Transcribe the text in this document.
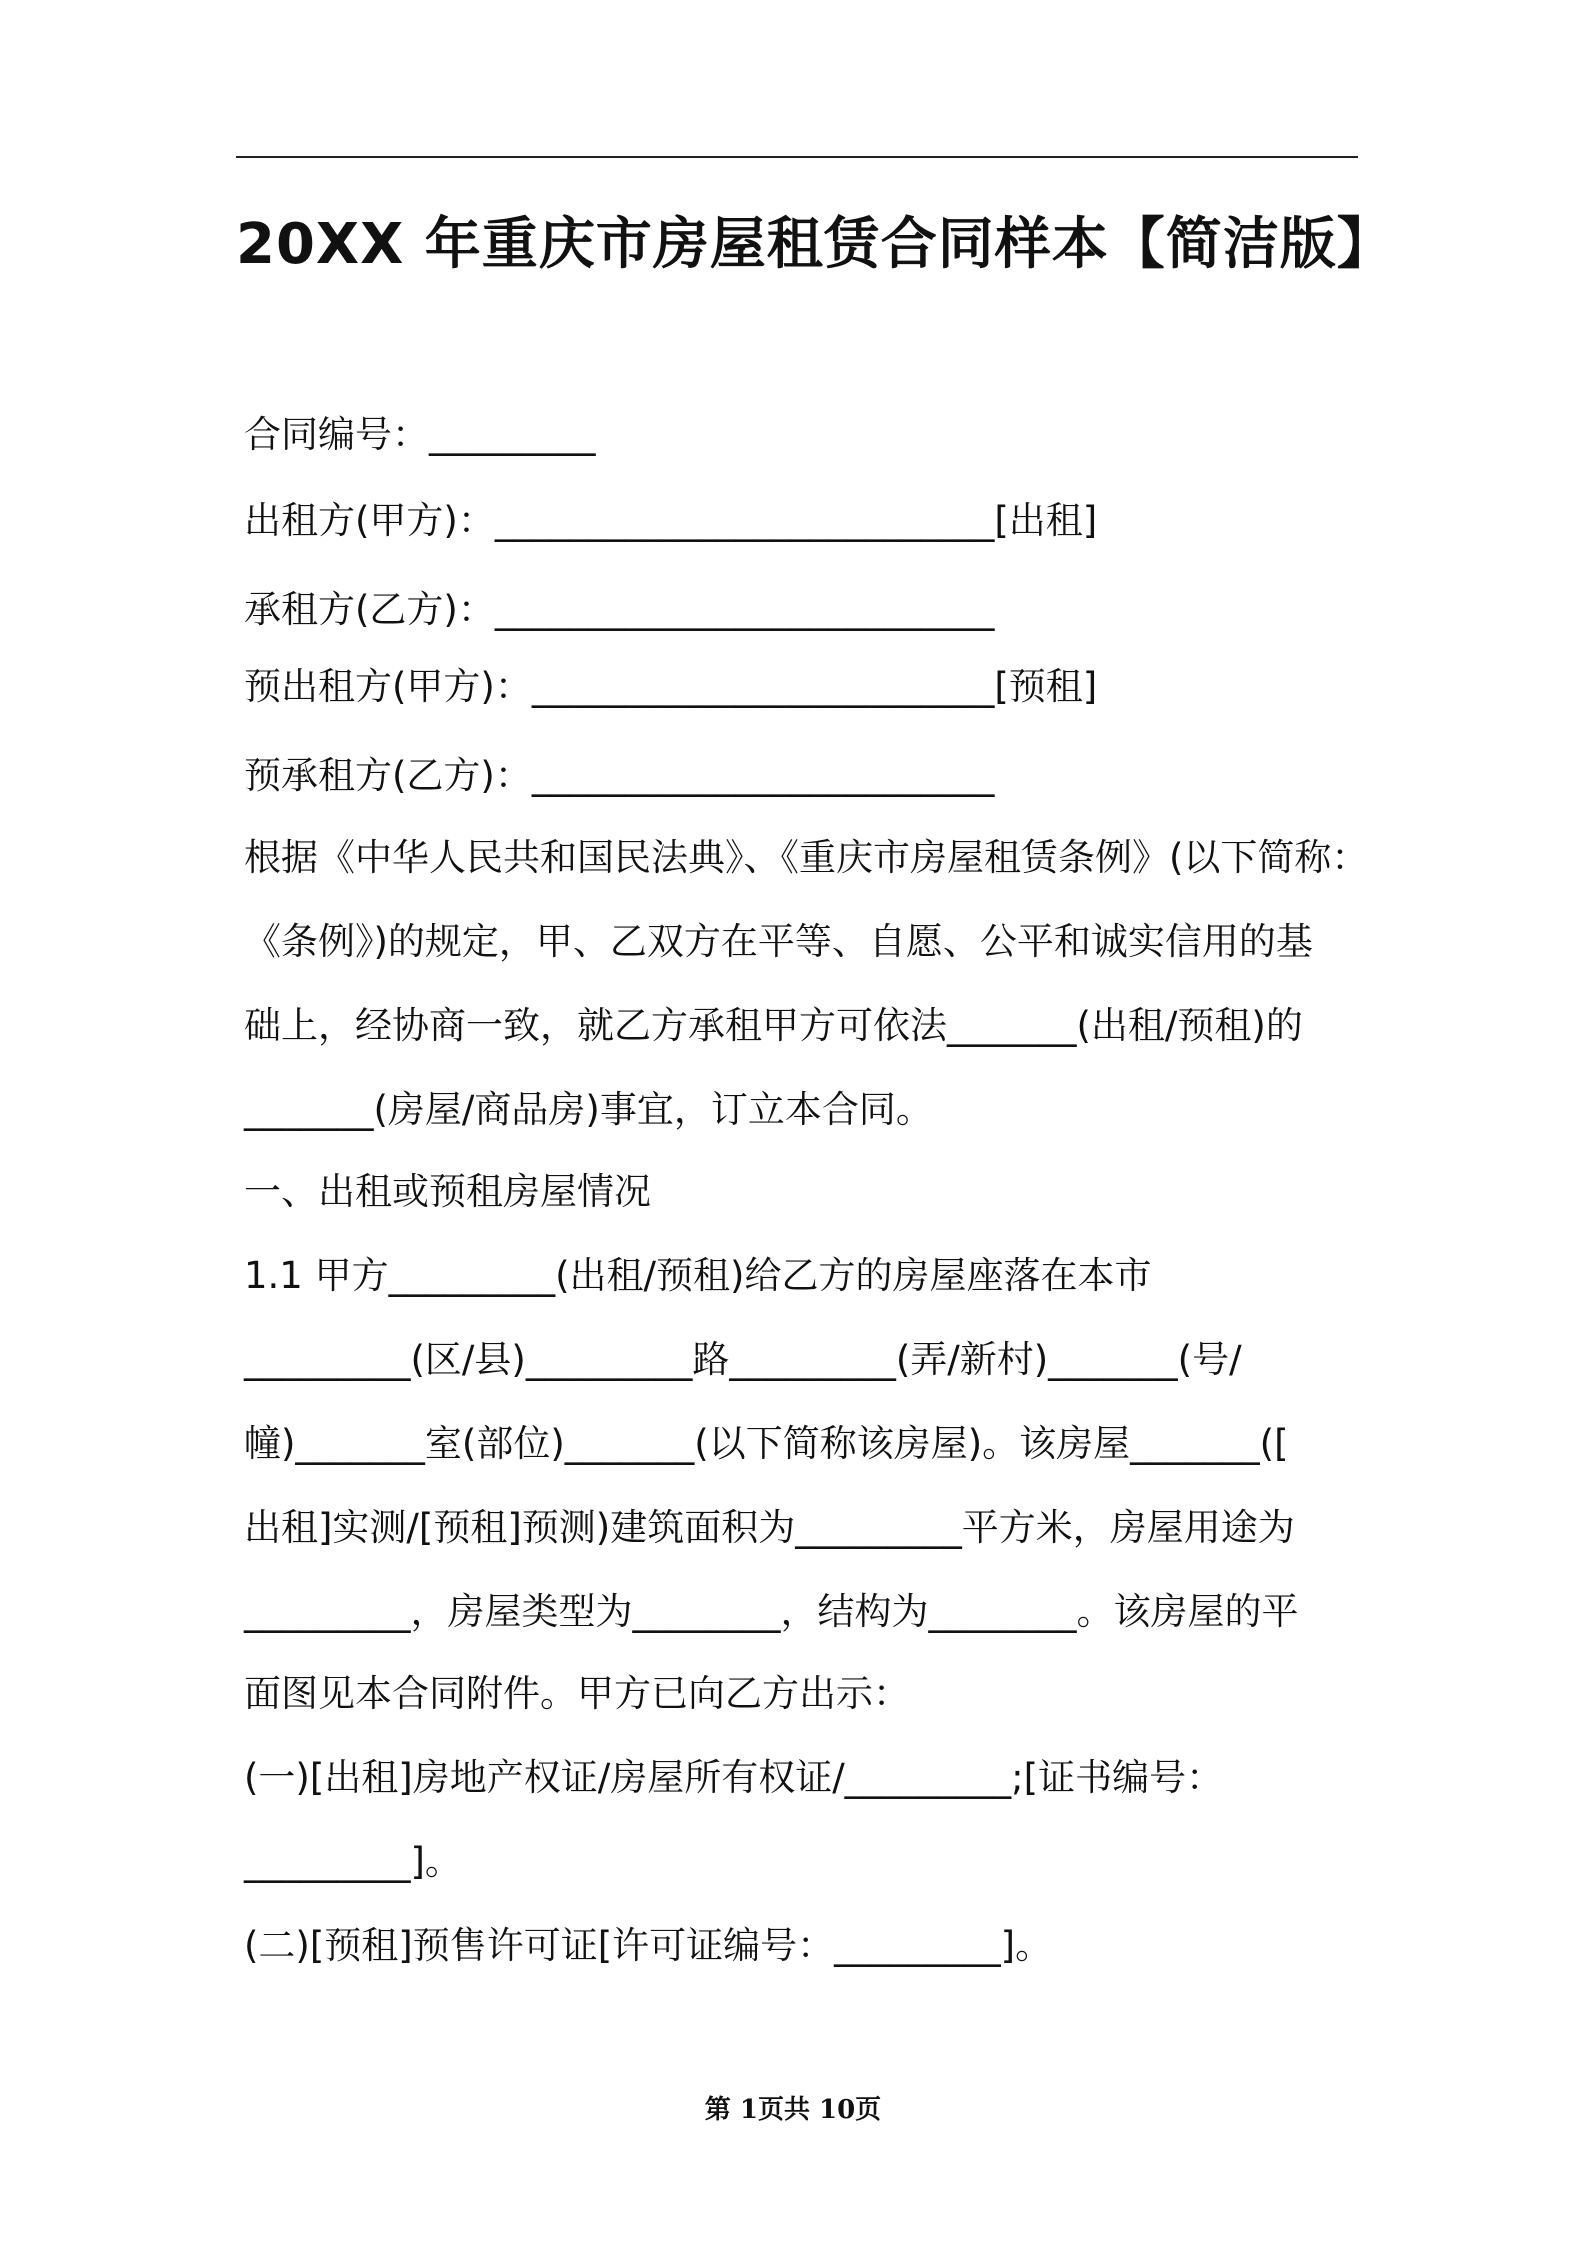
20XX 年重庆市房屋租赁合同样本【简洁版】

合同编号：_________

出租方(甲方)：___________________________[出租]

承租方(乙方)：___________________________

预出租方(甲方)：_________________________[预租]

预承租方(乙方)：_________________________

根据《中华人民共和国民法典》、《重庆市房屋租赁条例》(以下简称：

《条例》)的规定，甲、乙双方在平等、自愿、公平和诚实信用的基

础上，经协商一致，就乙方承租甲方可依法_______(出租/预租)的

_______(房屋/商品房)事宜，订立本合同。

一、出租或预租房屋情况

1.1 甲方_________(出租/预租)给乙方的房屋座落在本市

_________(区/县)_________路_________(弄/新村)_______(号/

幢)_______室(部位)_______(以下简称该房屋)。该房屋_______([

出租]实测/[预租]预测)建筑面积为_________平方米，房屋用途为

_________，房屋类型为________，结构为________。该房屋的平

面图见本合同附件。甲方已向乙方出示：

(一)[出租]房地产权证/房屋所有权证/_________;[证书编号：

_________]。

(二)[预租]预售许可证[许可证编号：_________]。

第 1页共 10页
